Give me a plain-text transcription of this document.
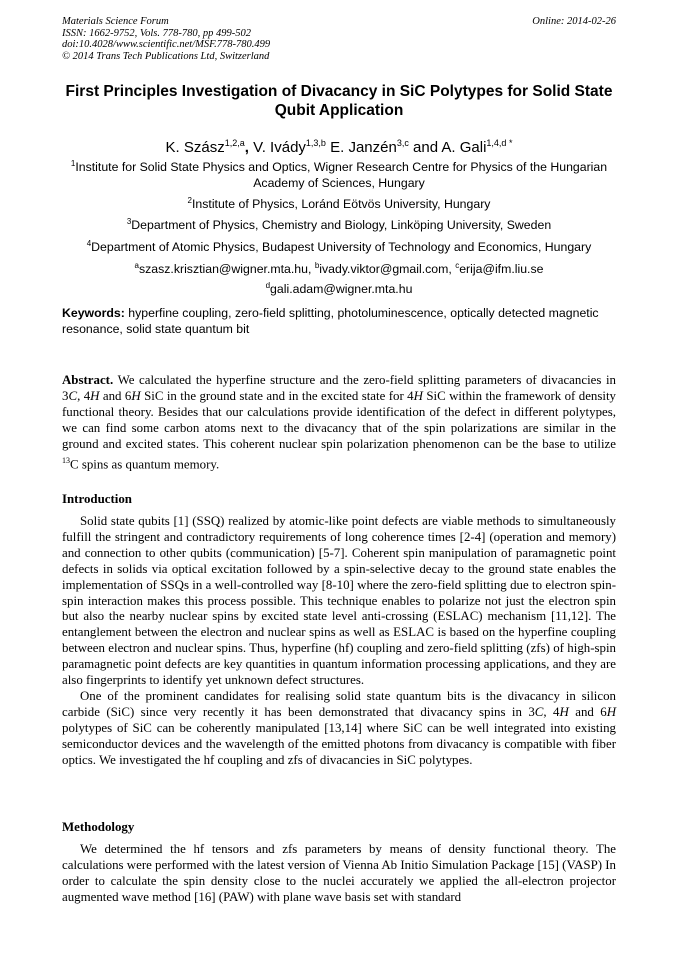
Materials Science Forum
ISSN: 1662-9752, Vols. 778-780, pp 499-502
doi:10.4028/www.scientific.net/MSF.778-780.499
© 2014 Trans Tech Publications Ltd, Switzerland
Online: 2014-02-26
First Principles Investigation of Divacancy in SiC Polytypes for Solid State Qubit Application
K. Szász$^{1,2,a}$, V. Ivády$^{1,3,b}$ E. Janzén$^{3,c}$ and A. Gali$^{1,4,d *}$
$^1$Institute for Solid State Physics and Optics, Wigner Research Centre for Physics of the Hungarian Academy of Sciences, Hungary
$^2$Institute of Physics, Loránd Eötvös University, Hungary
$^3$Department of Physics, Chemistry and Biology, Linköping University, Sweden
$^4$Department of Atomic Physics, Budapest University of Technology and Economics, Hungary
$^a$szasz.krisztian@wigner.mta.hu, $^b$ivady.viktor@gmail.com, $^c$erija@ifm.liu.se
$^d$gali.adam@wigner.mta.hu
Keywords: hyperfine coupling, zero-field splitting, photoluminescence, optically detected magnetic resonance, solid state quantum bit

Abstract. We calculated the hyperfine structure and the zero-field splitting parameters of divacancies in 3C, 4H and 6H SiC in the ground state and in the excited state for 4H SiC within the framework of density functional theory. Besides that our calculations provide identification of the defect in different polytypes, we can find some carbon atoms next to the divacancy that of the spin polarizations are similar in the ground and excited states. This coherent nuclear spin polarization phenomenon can be the base to utilize $^{13}$C spins as quantum memory.

Introduction

Solid state qubits [1] (SSQ) realized by atomic-like point defects are viable methods to simultaneously fulfill the stringent and contradictory requirements of long coherence times [2-4] (operation and memory) and connection to other qubits (communication) [5-7]. Coherent spin manipulation of paramagnetic point defects in solids via optical excitation followed by a spin-selective decay to the ground state enables the implementation of SSQs in a well-controlled way [8-10] where the zero-field splitting due to electron spin-spin interaction makes this process possible. This technique enables to polarize not just the electron spin but also the nearby nuclear spins by excited state level anti-crossing (ESLAC) mechanism [11,12]. The entanglement between the electron and nuclear spins as well as ESLAC is based on the hyperfine coupling between electron and nuclear spins. Thus, hyperfine (hf) coupling and zero-field splitting (zfs) of high-spin paramagnetic point defects are key quantities in quantum information processing applications, and they are also fingerprints to identify yet unknown defect structures.

One of the prominent candidates for realising solid state quantum bits is the divacancy in silicon carbide (SiC) since very recently it has been demonstrated that divacancy spins in 3C, 4H and 6H polytypes of SiC can be coherently manipulated [13,14] where SiC can be well integrated into existing semiconductor devices and the wavelength of the emitted photons from divacancy is compatible with fiber optics. We investigated the hf coupling and zfs of divacancies in SiC polytypes.

Methodology

We determined the hf tensors and zfs parameters by means of density functional theory. The calculations were performed with the latest version of Vienna Ab Initio Simulation Package [15] (VASP) In order to calculate the spin density close to the nuclei accurately we applied the all-electron projector augmented wave method [16] (PAW) with plane wave basis set with standard
